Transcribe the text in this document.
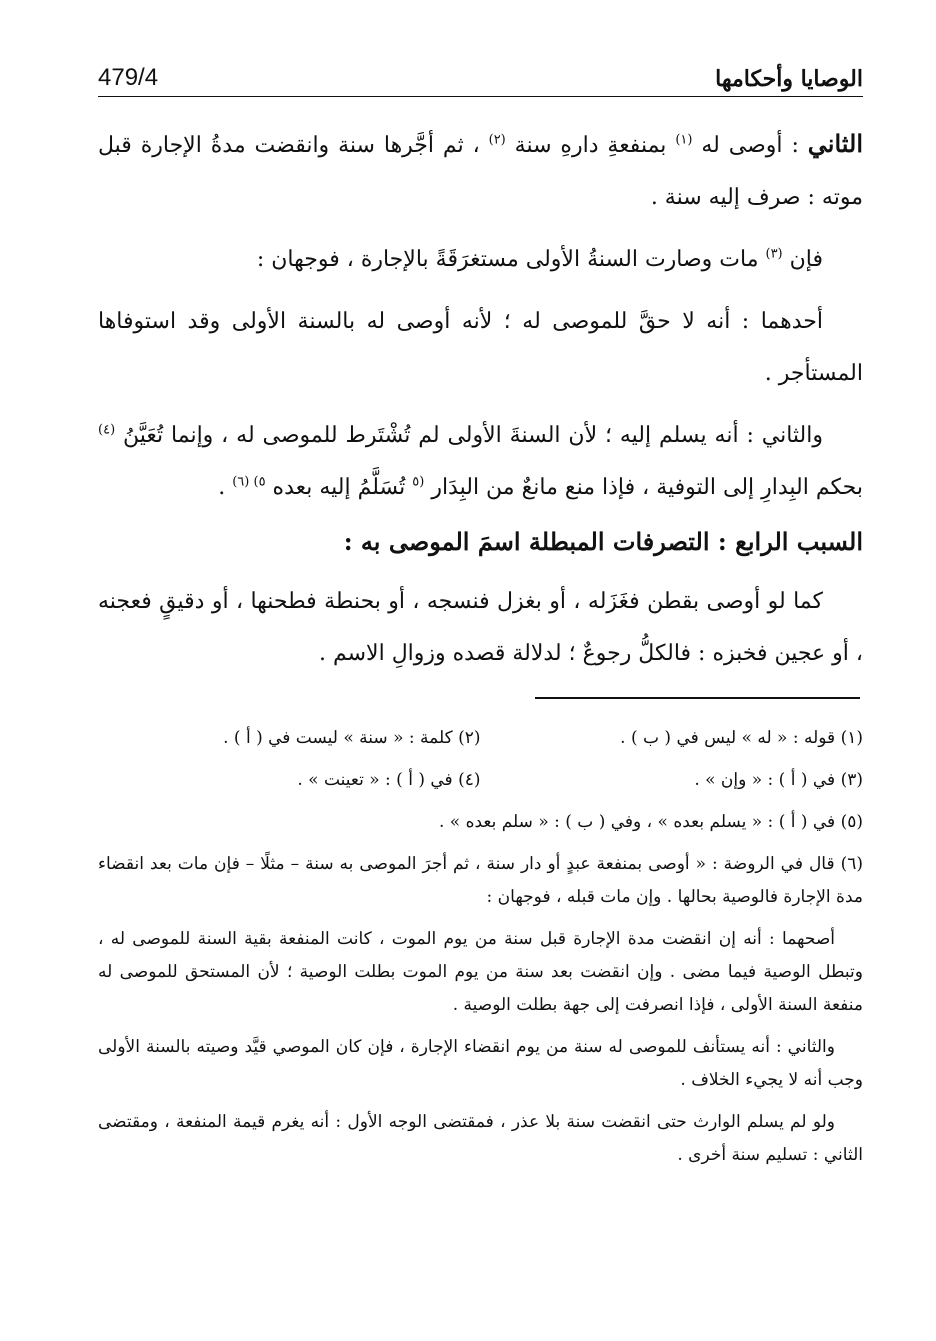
479/4	الوصايا وأحكامها

الثاني : أوصى له $^{(١)}$ بمنفعةِ دارهِ سنة $^{(٢)}$ ، ثم أجَّرها سنة وانقضت مدةُ الإجارة قبل موته : صرف إليه سنة .

فإن $^{(٣)}$ مات وصارت السنةُ الأولى مستغرَقَةً بالإجارة ، فوجهان :

أحدهما : أنه لا حقَّ للموصى له ؛ لأنه أوصى له بالسنة الأولى وقد استوفاها المستأجر .

والثاني : أنه يسلم إليه ؛ لأن السنةَ الأولى لم تُشْتَرط للموصى له ، وإنما تُعَيَّنُ $^{(٤)}$ بحكم البِدارِ إلى التوفية ، فإذا منع مانعٌ من البِدَار $^{(٥}$ تُسَلَّمُ إليه بعده $^{٥)}$ $^{(٦)}$ .

السبب الرابع : التصرفات المبطلة اسمَ الموصى به :

كما لو أوصى بقطن فغَزَله ، أو بغزل فنسجه ، أو بحنطة فطحنها ، أو دقيقٍ فعجنه ، أو عجين فخبزه : فالكلُّ رجوعٌ ؛ لدلالة قصده وزوالِ الاسم .

(١) قوله : « له » ليس في ( ب ) .
(٢) كلمة : « سنة » ليست في ( أ ) .
(٣) في ( أ ) : « وإن » .
(٤) في ( أ ) : « تعينت » .
(٥) في ( أ ) : « يسلم بعده » ، وفي ( ب ) : « سلم بعده » .

(٦) قال في الروضة : « أوصى بمنفعة عبدٍ أو دار سنة ، ثم أجرَ الموصى به سنة – مثلًا – فإن مات بعد انقضاء مدة الإجارة فالوصية بحالها . وإن مات قبله ، فوجهان :

أصحهما : أنه إن انقضت مدة الإجارة قبل سنة من يوم الموت ، كانت المنفعة بقية السنة للموصى له ، وتبطل الوصية فيما مضى . وإن انقضت بعد سنة من يوم الموت بطلت الوصية ؛ لأن المستحق للموصى له منفعة السنة الأولى ، فإذا انصرفت إلى جهة بطلت الوصية .

والثاني : أنه يستأنف للموصى له سنة من يوم انقضاء الإجارة ، فإن كان الموصي قيَّد وصيته بالسنة الأولى وجب أنه لا يجيء الخلاف .

ولو لم يسلم الوارث حتى انقضت سنة بلا عذر ، فمقتضى الوجه الأول : أنه يغرم قيمة المنفعة ، ومقتضى الثاني : تسليم سنة أخرى .
